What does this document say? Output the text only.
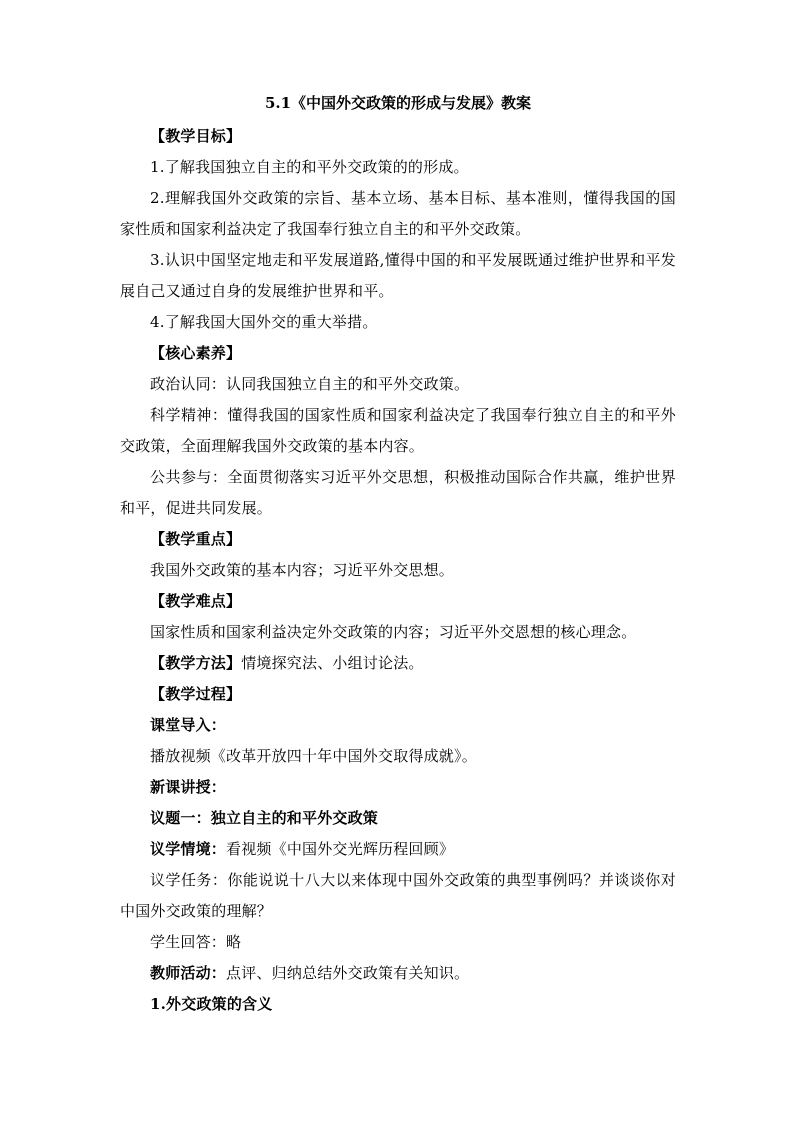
5.1《中国外交政策的形成与发展》教案

【教学目标】

1.了解我国独立自主的和平外交政策的的形成。

2.理解我国外交政策的宗旨、基本立场、基本目标、基本准则，懂得我国的国家性质和国家利益决定了我国奉行独立自主的和平外交政策。

3.认识中国坚定地走和平发展道路,懂得中国的和平发展既通过维护世界和平发展自己又通过自身的发展维护世界和平。

4.了解我国大国外交的重大举措。

【核心素养】

政治认同：认同我国独立自主的和平外交政策。

科学精神：懂得我国的国家性质和国家利益决定了我国奉行独立自主的和平外交政策，全面理解我国外交政策的基本内容。

公共参与：全面贯彻落实习近平外交思想，积极推动国际合作共赢，维护世界和平，促进共同发展。

【教学重点】

我国外交政策的基本内容；习近平外交思想。

【教学难点】

国家性质和国家利益决定外交政策的内容；习近平外交恩想的核心理念。

【教学方法】情境探究法、小组讨论法。

【教学过程】

课堂导入：

播放视频《改革开放四十年中国外交取得成就》。

新课讲授：

议题一：独立自主的和平外交政策

议学情境：看视频《中国外交光辉历程回顾》

议学任务：你能说说十八大以来体现中国外交政策的典型事例吗？并谈谈你对中国外交政策的理解？

学生回答：略

教师活动：点评、归纳总结外交政策有关知识。

1.外交政策的含义
